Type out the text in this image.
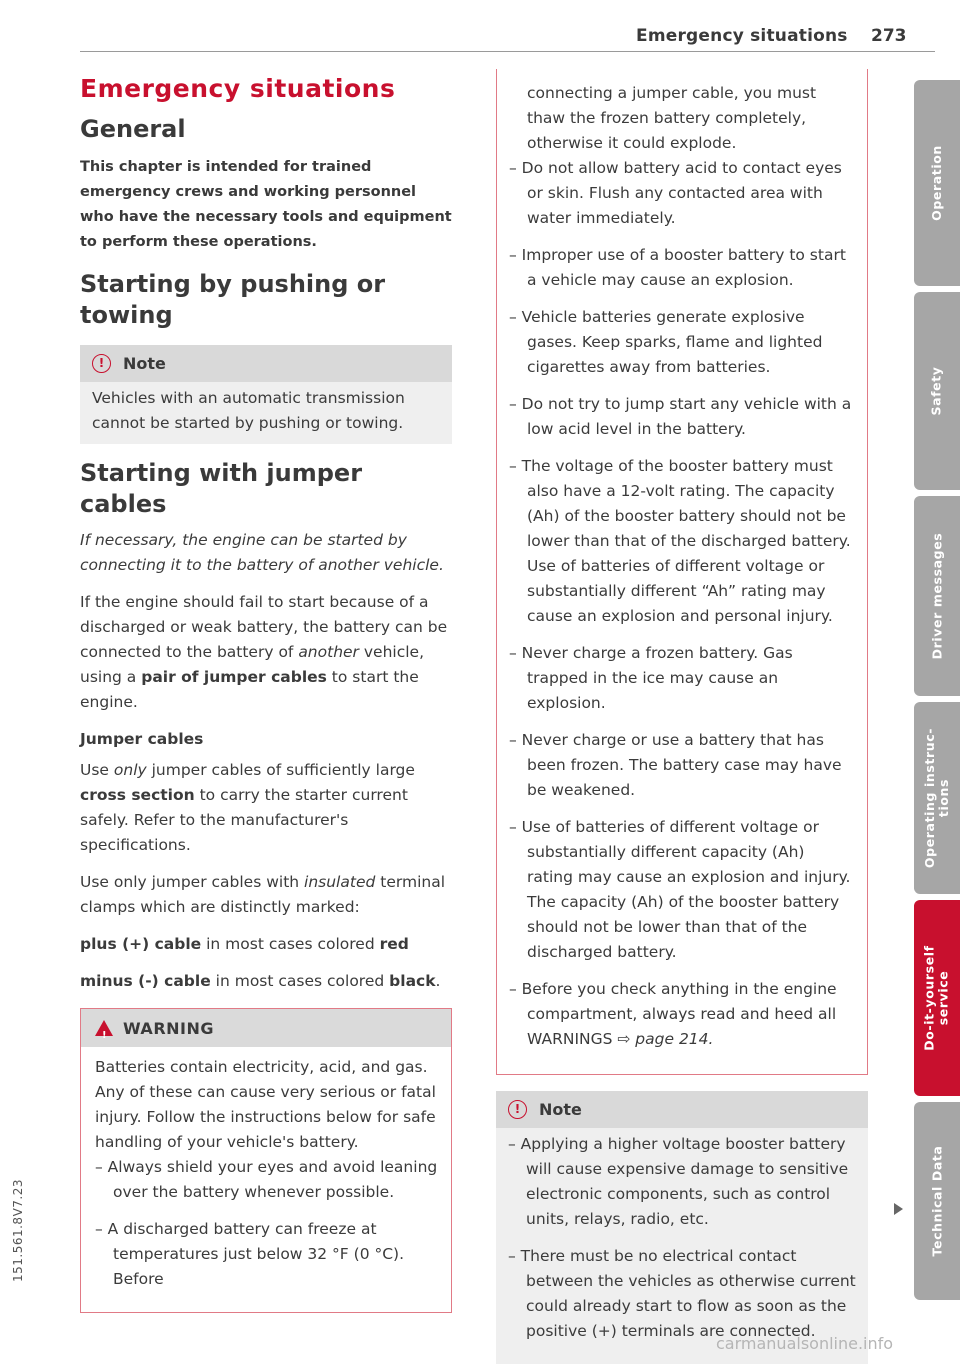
Emergency situations 273
Emergency situations
General

This chapter is intended for trained emergency crews and working personnel who have the necessary tools and equipment to perform these operations.

Starting by pushing or towing
!	Note
Vehicles with an automatic transmission cannot be started by pushing or towing.
Starting with jumper cables

If necessary, the engine can be started by connecting it to the battery of another vehicle.

If the engine should fail to start because of a discharged or weak battery, the battery can be connected to the battery of another vehicle, using a pair of jumper cables to start the engine.

Jumper cables

Use only jumper cables of sufficiently large cross section to carry the starter current safely. Refer to the manufacturer's specifications.

Use only jumper cables with insulated terminal clamps which are distinctly marked:

plus (+) cable in most cases colored red

minus (-) cable in most cases colored black.

! WARNING

Batteries contain electricity, acid, and gas. Any of these can cause very serious or fatal injury. Follow the instructions below for safe handling of your vehicle's battery.

– Always shield your eyes and avoid leaning over the battery whenever possible.

– A discharged battery can freeze at temperatures just below 32 °F (0 °C). Before

connecting a jumper cable, you must thaw the frozen battery completely, otherwise it could explode.

– Do not allow battery acid to contact eyes or skin. Flush any contacted area with water immediately.

– Improper use of a booster battery to start a vehicle may cause an explosion.

– Vehicle batteries generate explosive gases. Keep sparks, flame and lighted cigarettes away from batteries.

– Do not try to jump start any vehicle with a low acid level in the battery.

– The voltage of the booster battery must also have a 12-volt rating. The capacity (Ah) of the booster battery should not be lower than that of the discharged battery. Use of batteries of different voltage or substantially different “Ah” rating may cause an explosion and personal injury.

– Never charge a frozen battery. Gas trapped in the ice may cause an explosion.

– Never charge or use a battery that has been frozen. The battery case may have be weakened.

– Use of batteries of different voltage or substantially different capacity (Ah) rating may cause an explosion and injury. The capacity (Ah) of the booster battery should not be lower than that of the discharged battery.

– Before you check anything in the engine compartment, always read and heed all WARNINGS ⇨ page 214.

!	Note

– Applying a higher voltage booster battery will cause expensive damage to sensitive electronic components, such as control units, relays, radio, etc.

– There must be no electrical contact between the vehicles as otherwise current could already start to flow as soon as the positive (+) terminals are connected.

Operation
Safety
Driver messages
Operating instruc-
tions
Do-it-yourself
service
Technical Data
151.561.8V7.23
carmanualsonline.info
